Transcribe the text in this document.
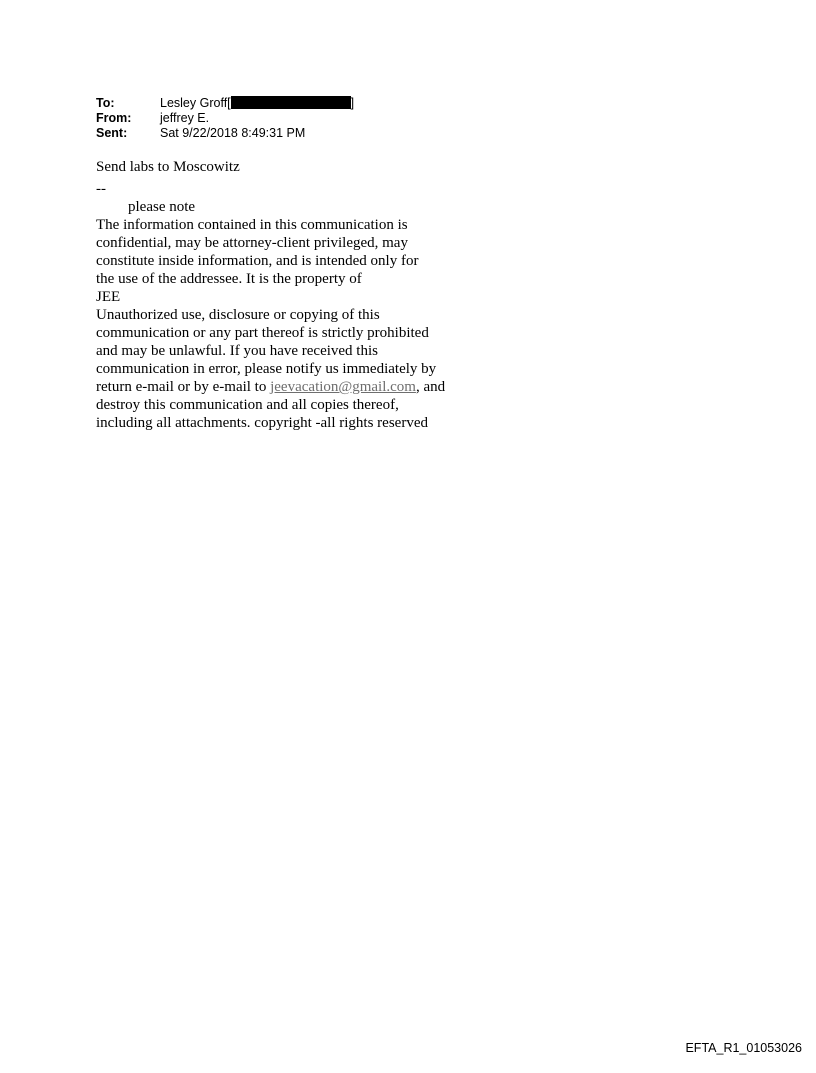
To:	Lesley Groff[	]
From:	jeffrey E.
Sent:	Sat 9/22/2018 8:49:31 PM
Send labs to Moscowitz
--
please note
The information contained in this communication is
confidential, may be attorney-client privileged, may
constitute inside information, and is intended only for
the use of the addressee. It is the property of
JEE
Unauthorized use, disclosure or copying of this
communication or any part thereof is strictly prohibited
and may be unlawful. If you have received this
communication in error, please notify us immediately by
return e-mail or by e-mail to jeevacation@gmail.com, and
destroy this communication and all copies thereof,
including all attachments. copyright -all rights reserved
EFTA_R1_01053026
